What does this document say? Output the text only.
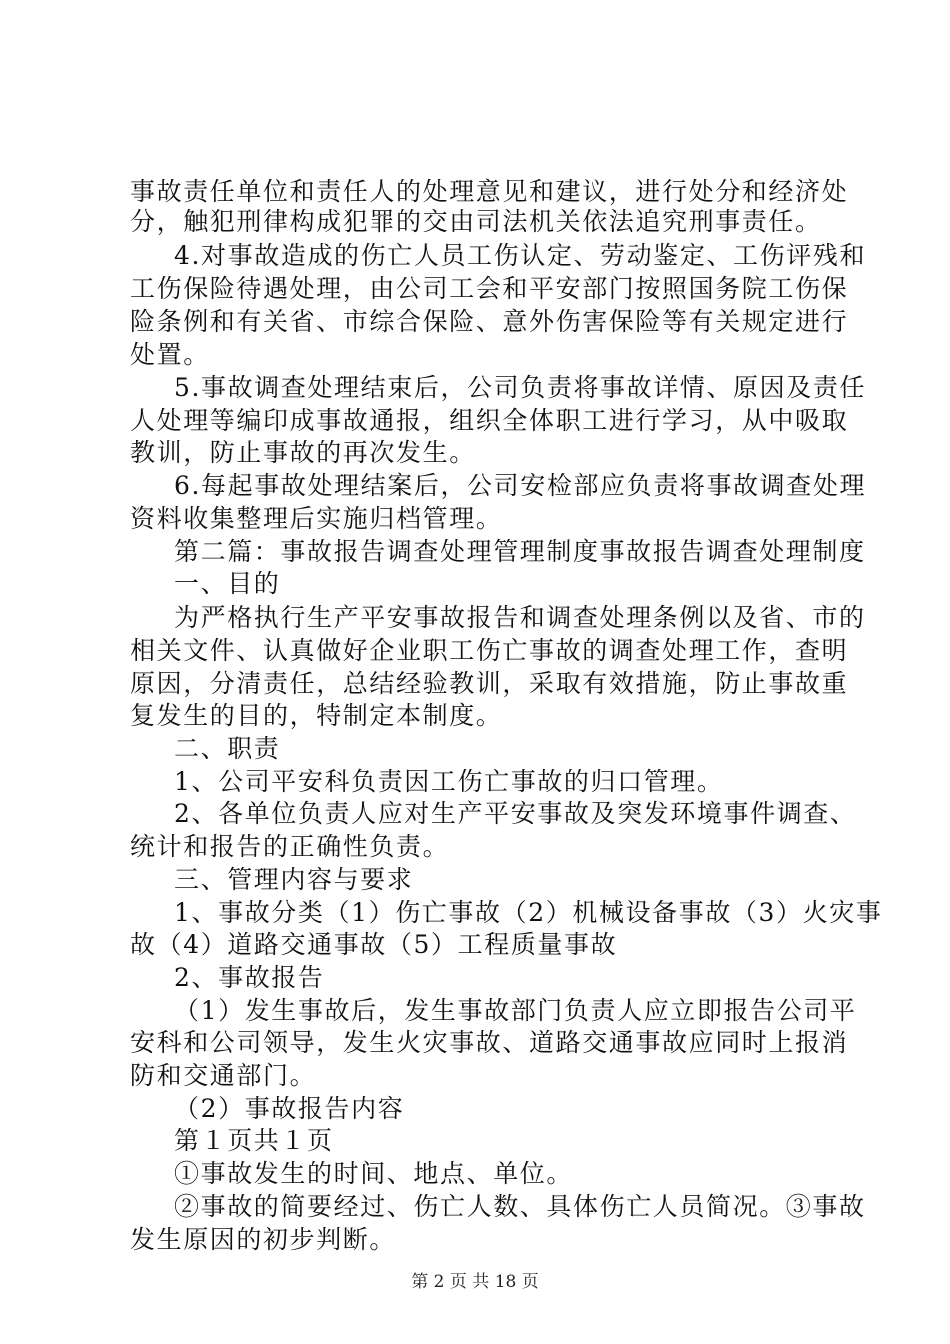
事故责任单位和责任人的处理意见和建议，进行处分和经济处
分，触犯刑律构成犯罪的交由司法机关依法追究刑事责任。
4.对事故造成的伤亡人员工伤认定、劳动鉴定、工伤评残和
工伤保险待遇处理，由公司工会和平安部门按照国务院工伤保
险条例和有关省、市综合保险、意外伤害保险等有关规定进行
处置。
5.事故调查处理结束后，公司负责将事故详情、原因及责任
人处理等编印成事故通报，组织全体职工进行学习，从中吸取
教训，防止事故的再次发生。
6.每起事故处理结案后，公司安检部应负责将事故调查处理
资料收集整理后实施归档管理。
第二篇：事故报告调查处理管理制度事故报告调查处理制度
一、目的
为严格执行生产平安事故报告和调查处理条例以及省、市的
相关文件、认真做好企业职工伤亡事故的调查处理工作，查明
原因，分清责任，总结经验教训，采取有效措施，防止事故重
复发生的目的，特制定本制度。
二、职责
1、公司平安科负责因工伤亡事故的归口管理。
2、各单位负责人应对生产平安事故及突发环境事件调查、
统计和报告的正确性负责。
三、管理内容与要求
1、事故分类（1）伤亡事故（2）机械设备事故（3）火灾事
故（4）道路交通事故（5）工程质量事故
2、事故报告
（1）发生事故后，发生事故部门负责人应立即报告公司平
安科和公司领导，发生火灾事故、道路交通事故应同时上报消
防和交通部门。
（2）事故报告内容
第１页共１页
①事故发生的时间、地点、单位。
②事故的简要经过、伤亡人数、具体伤亡人员简况。③事故
发生原因的初步判断。
第 2 页 共 18 页
